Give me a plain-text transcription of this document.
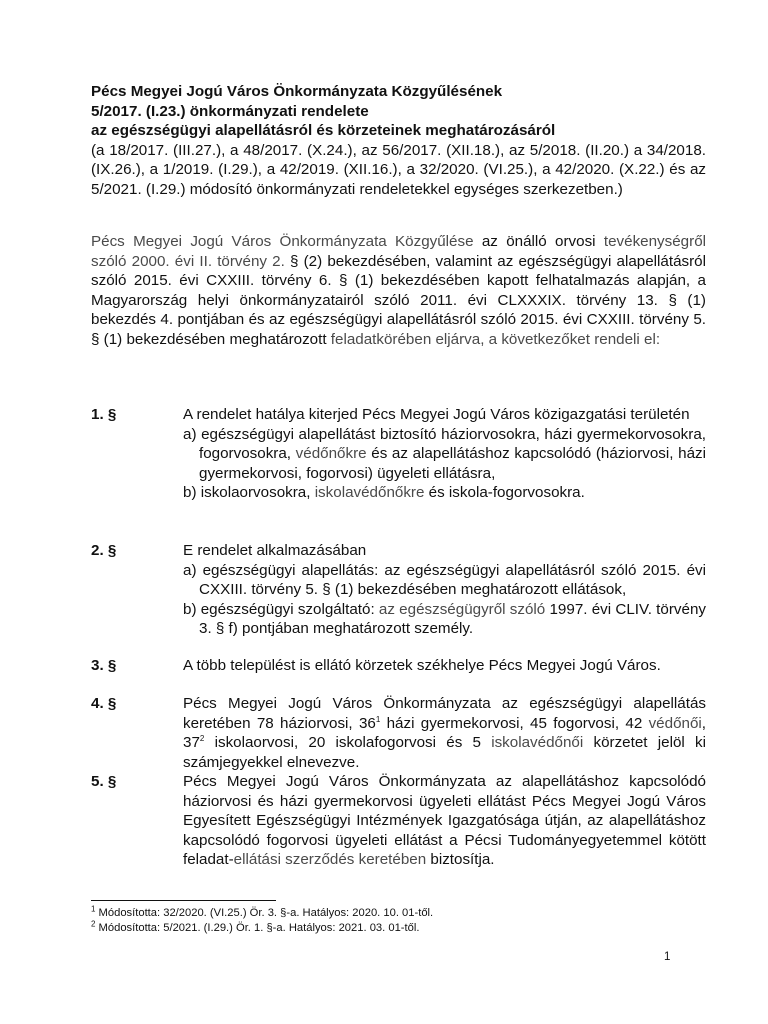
Pécs Megyei Jogú Város Önkormányzata Közgyűlésének
5/2017. (I.23.) önkormányzati rendelete
az egészségügyi alapellátásról és körzeteinek meghatározásáról
(a 18/2017. (III.27.), a 48/2017. (X.24.), az 56/2017. (XII.18.), az 5/2018. (II.20.) a 34/2018. (IX.26.), a 1/2019. (I.29.), a 42/2019. (XII.16.), a 32/2020. (VI.25.), a 42/2020. (X.22.) és az 5/2021. (I.29.) módosító önkormányzati rendeletekkel egységes szerkezetben.)
Pécs Megyei Jogú Város Önkormányzata Közgyűlése az önálló orvosi tevékenységről szóló 2000. évi II. törvény 2. § (2) bekezdésében, valamint az egészségügyi alapellátásról szóló 2015. évi CXXIII. törvény 6. § (1) bekezdésében kapott felhatalmazás alapján, a Magyarország helyi önkormányzatairól szóló 2011. évi CLXXXIX. törvény 13. § (1) bekezdés 4. pontjában és az egészségügyi alapellátásról szóló 2015. évi CXXIII. törvény 5. § (1) bekezdésében meghatározott feladatkörében eljárva, a következőket rendeli el:
1. §	A rendelet hatálya kiterjed Pécs Megyei Jogú Város közigazgatási területén
a) egészségügyi alapellátást biztosító háziorvosokra, házi gyermekorvosokra, fogorvosokra, védőnőkre és az alapellátáshoz kapcsolódó (háziorvosi, házi gyermekorvosi, fogorvosi) ügyeleti ellátásra,
b) iskolaorvosokra, iskolavédőnőkre és iskola-fogorvosokra.
2. §	E rendelet alkalmazásában
a) egészségügyi alapellátás: az egészségügyi alapellátásról szóló 2015. évi CXXIII. törvény 5. § (1) bekezdésében meghatározott ellátások,
b) egészségügyi szolgáltató: az egészségügyről szóló 1997. évi CLIV. törvény 3. § f) pontjában meghatározott személy.
3. §	A több települést is ellátó körzetek székhelye Pécs Megyei Jogú Város.
4. §	Pécs Megyei Jogú Város Önkormányzata az egészségügyi alapellátás keretében 78 háziorvosi, $36^1$ házi gyermekorvosi, 45 fogorvosi, 42 védőnői, $37^2$ iskolaorvosi, 20 iskolafogorvosi és 5 iskolavédőnői körzetet jelöl ki számjegyekkel elnevezve.
5. §	Pécs Megyei Jogú Város Önkormányzata az alapellátáshoz kapcsolódó háziorvosi és házi gyermekorvosi ügyeleti ellátást Pécs Megyei Jogú Város Egyesített Egészségügyi Intézmények Igazgatósága útján, az alapellátáshoz kapcsolódó fogorvosi ügyeleti ellátást a Pécsi Tudományegyetemmel kötött feladat-ellátási szerződés keretében biztosítja.
$^1$ Módosította: 32/2020. (VI.25.) Ör. 3. §-a. Hatályos: 2020. 10. 01-től.
$^2$ Módosította: 5/2021. (I.29.) Ör. 1. §-a. Hatályos: 2021. 03. 01-től.
1
